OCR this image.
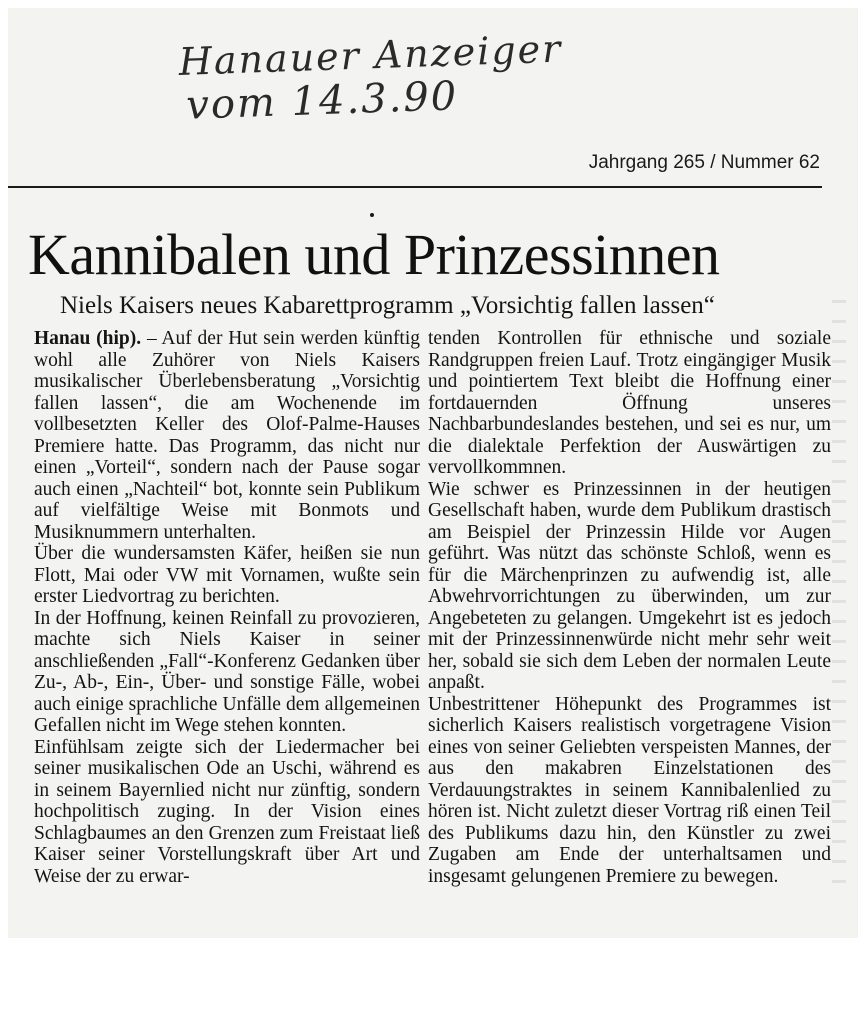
Hanauer Anzeiger
vom 14.3.90
Jahrgang 265 / Nummer 62

Kannibalen und Prinzessinnen
Niels Kaisers neues Kabarettprogramm „Vorsichtig fallen lassen“

Hanau (hip). – Auf der Hut sein werden künftig wohl alle Zuhörer von Niels Kaisers musikalischer Überlebensberatung „Vorsichtig fallen lassen“, die am Wochenende im vollbesetzten Keller des Olof-Palme-Hauses Premiere hatte. Das Programm, das nicht nur einen „Vorteil“, sondern nach der Pause sogar auch einen „Nachteil“ bot, konnte sein Publikum auf vielfältige Weise mit Bonmots und Musiknummern unterhalten.

Über die wundersamsten Käfer, heißen sie nun Flott, Mai oder VW mit Vornamen, wußte sein erster Liedvortrag zu berichten.

In der Hoffnung, keinen Reinfall zu provozieren, machte sich Niels Kaiser in seiner anschließenden „Fall“-Konferenz Gedanken über Zu-, Ab-, Ein-, Über- und sonstige Fälle, wobei auch einige sprachliche Unfälle dem allgemeinen Gefallen nicht im Wege stehen konnten.

Einfühlsam zeigte sich der Liedermacher bei seiner musikalischen Ode an Uschi, während es in seinem Bayernlied nicht nur zünftig, sondern hochpolitisch zuging. In der Vision eines Schlagbaumes an den Grenzen zum Freistaat ließ Kaiser seiner Vorstellungskraft über Art und Weise der zu erwar-

tenden Kontrollen für ethnische und soziale Randgruppen freien Lauf. Trotz eingängiger Musik und pointiertem Text bleibt die Hoffnung einer fortdauernden Öffnung unseres Nachbarbundeslandes bestehen, und sei es nur, um die dialektale Perfektion der Auswärtigen zu vervollkommnen.

Wie schwer es Prinzessinnen in der heutigen Gesellschaft haben, wurde dem Publikum drastisch am Beispiel der Prinzessin Hilde vor Augen geführt. Was nützt das schönste Schloß, wenn es für die Märchenprinzen zu aufwendig ist, alle Abwehrvorrichtungen zu überwinden, um zur Angebeteten zu gelangen. Umgekehrt ist es jedoch mit der Prinzessinnenwürde nicht mehr sehr weit her, sobald sie sich dem Leben der normalen Leute anpaßt.

Unbestrittener Höhepunkt des Programmes ist sicherlich Kaisers realistisch vorgetragene Vision eines von seiner Geliebten verspeisten Mannes, der aus den makabren Einzelstationen des Verdauungstraktes in seinem Kannibalenlied zu hören ist. Nicht zuletzt dieser Vortrag riß einen Teil des Publikums dazu hin, den Künstler zu zwei Zugaben am Ende der unterhaltsamen und insgesamt gelungenen Premiere zu bewegen.
